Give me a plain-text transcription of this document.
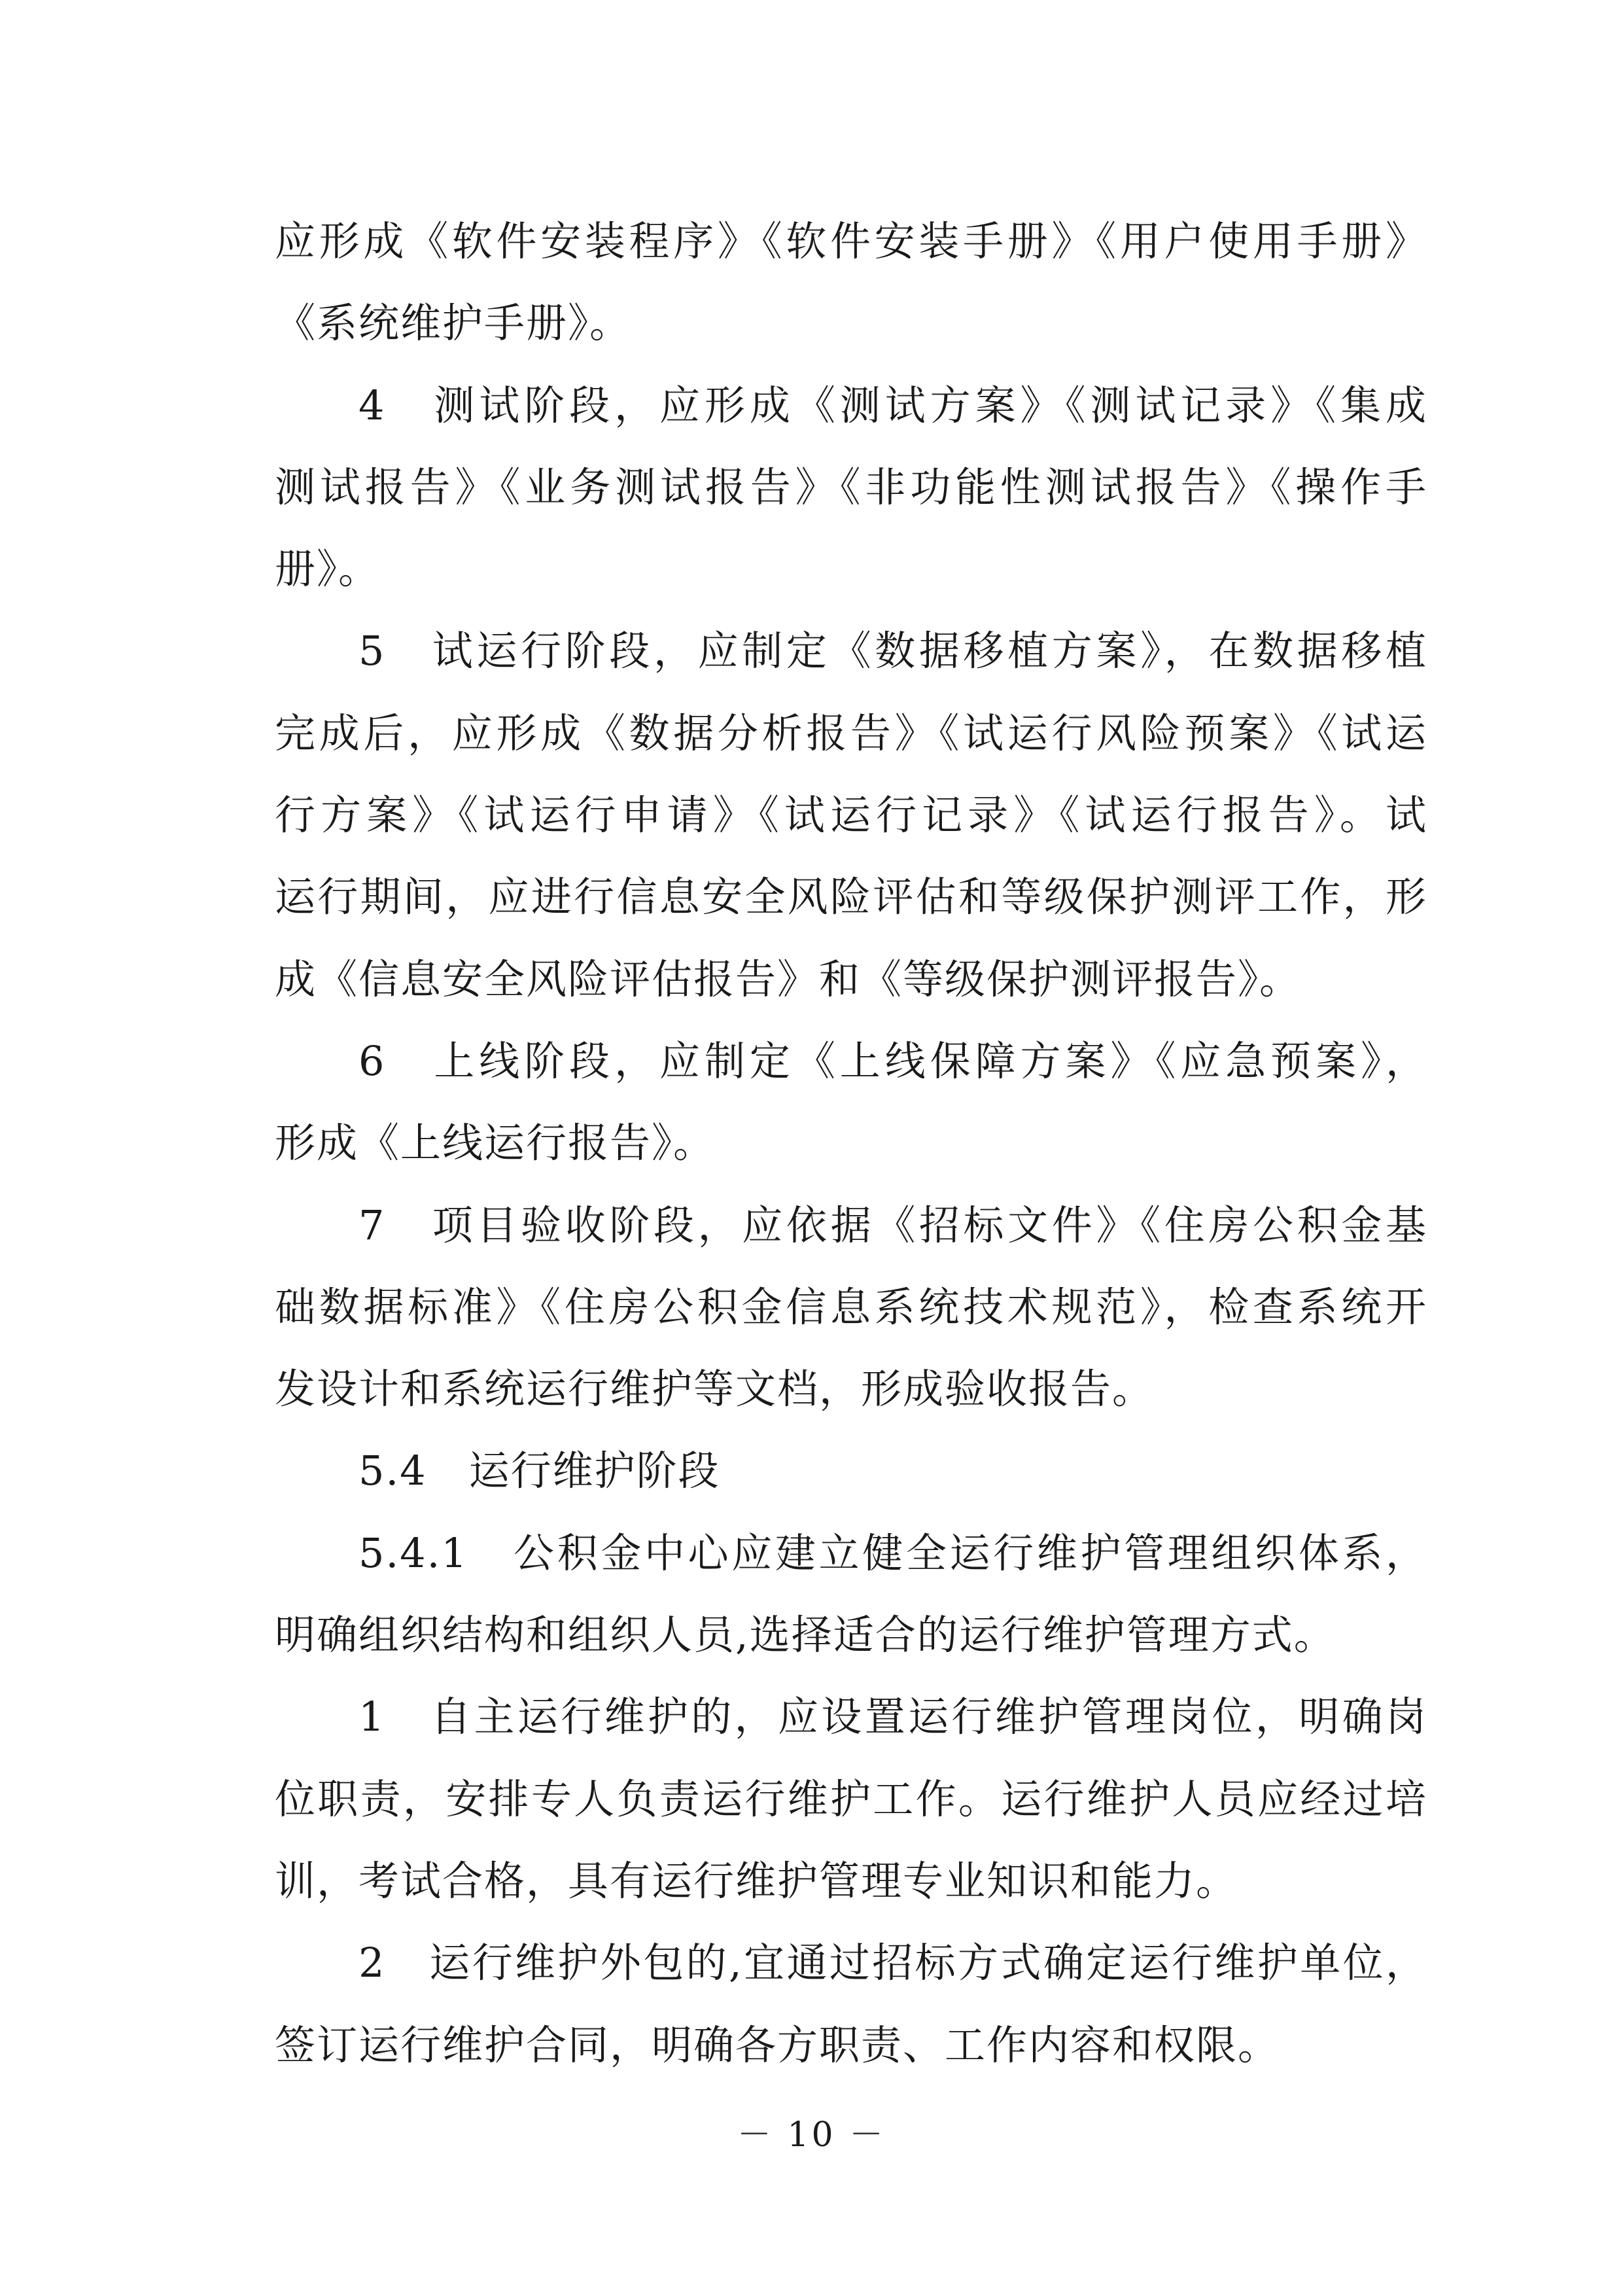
应形成《软件安装程序》《软件安装手册》《用户使用手册》
《系统维护手册》。
4　测试阶段，应形成《测试方案》《测试记录》《集成
测试报告》《业务测试报告》《非功能性测试报告》《操作手
册》。
5　试运行阶段，应制定《数据移植方案》，在数据移植
完成后，应形成《数据分析报告》《试运行风险预案》《试运
行方案》《试运行申请》《试运行记录》《试运行报告》。试
运行期间，应进行信息安全风险评估和等级保护测评工作，形
成《信息安全风险评估报告》和《等级保护测评报告》。
6　上线阶段，应制定《上线保障方案》《应急预案》，
形成《上线运行报告》。
7　项目验收阶段，应依据《招标文件》《住房公积金基
础数据标准》《住房公积金信息系统技术规范》，检查系统开
发设计和系统运行维护等文档，形成验收报告。
5.4　运行维护阶段
5.4.1　公积金中心应建立健全运行维护管理组织体系，
明确组织结构和组织人员,选择适合的运行维护管理方式。
1　自主运行维护的，应设置运行维护管理岗位，明确岗
位职责，安排专人负责运行维护工作。运行维护人员应经过培
训，考试合格，具有运行维护管理专业知识和能力。
2　运行维护外包的,宜通过招标方式确定运行维护单位，
签订运行维护合同，明确各方职责、工作内容和权限。
－ 10 －
